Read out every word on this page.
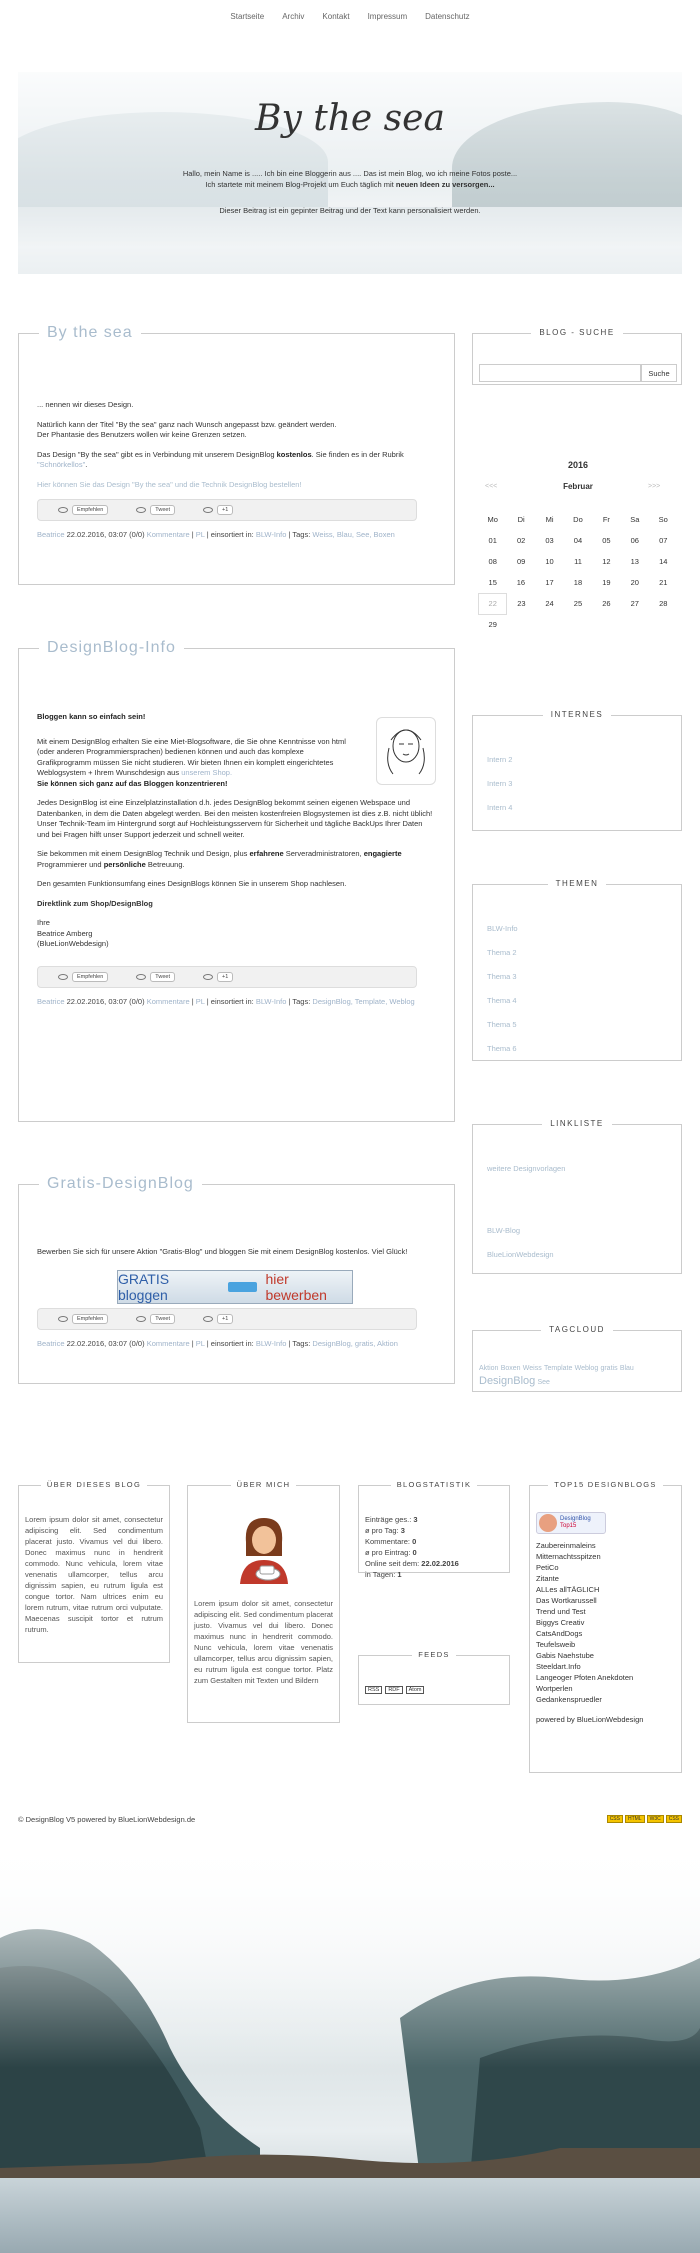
Startseite Archiv Kontakt Impressum Datenschutz
By the sea

Hallo, mein Name is ..... Ich bin eine Bloggerin aus .... Das ist mein Blog, wo ich meine Fotos poste...

Ich startete mit meinem Blog-Projekt um Euch täglich mit neuen Ideen zu versorgen...

Dieser Beitrag ist ein gepinter Beitrag und der Text kann personalisiert werden.

By the sea

... nennen wir dieses Design.

Natürlich kann der Titel "By the sea" ganz nach Wunsch angepasst bzw. geändert werden.

Der Phantasie des Benutzers wollen wir keine Grenzen setzen.

Das Design "By the sea" gibt es in Verbindung mit unserem DesignBlog kostenlos. Sie finden es in der Rubrik
"Schnörkellos".

Hier können Sie das Design "By the sea" und die Technik DesignBlog bestellen!

Empfehlen	Tweet	+1
Beatrice 22.02.2016, 03:07 (0/0) Kommentare | PL | einsortiert in: BLW-Info | Tags: Weiss, Blau, See, Boxen
DesignBlog-Info

Bloggen kann so einfach sein!

Mit einem DesignBlog erhalten Sie eine Miet-Blogsoftware, die Sie ohne Kenntnisse von html (oder anderen Programmiersprachen) bedienen können und auch das komplexe Grafikprogramm müssen Sie nicht studieren. Wir bieten Ihnen ein komplett eingerichtetes Weblogsystem + Ihrem Wunschdesign aus unserem Shop.
Sie können sich ganz auf das Bloggen konzentrieren!

Jedes DesignBlog ist eine Einzelplatzinstallation d.h. jedes DesignBlog bekommt seinen eigenen Webspace und Datenbanken, in dem die Daten abgelegt werden. Bei den meisten kostenfreien Blogsystemen ist dies z.B. nicht üblich!

Unser Technik-Team im Hintergrund sorgt auf Hochleistungsservern für Sicherheit und tägliche BackUps Ihrer Daten und bei Fragen hilft unser Support jederzeit und schnell weiter.

Sie bekommen mit einem DesignBlog Technik und Design, plus erfahrene Serveradministratoren, engagierte Programmierer und persönliche Betreuung.

Den gesamten Funktionsumfang eines DesignBlogs können Sie in unserem Shop nachlesen.

Direktlink zum Shop/DesignBlog

Ihre

Beatrice Amberg

(BlueLionWebdesign)

Empfehlen	Tweet	+1
Beatrice 22.02.2016, 03:07 (0/0) Kommentare | PL | einsortiert in: BLW-Info | Tags: DesignBlog, Template, Weblog
Gratis-DesignBlog

Bewerben Sie sich für unsere Aktion "Gratis-Blog" und bloggen Sie mit einem DesignBlog kostenlos. Viel Glück!

GRATIS bloggen
hier bewerben
Empfehlen	Tweet	+1
Beatrice 22.02.2016, 03:07 (0/0) Kommentare | PL | einsortiert in: BLW-Info | Tags: DesignBlog, gratis, Aktion
BLOG - SUCHE
Suche
2016
<<<	Februar	>>>
Mo	Di	Mi	Do	Fr	Sa	So
01	02	03	04	05	06	07
08	09	10	11	12	13	14
15	16	17	18	19	20	21
22	23	24	25	26	27	28
29						
INTERNES
Intern 2
Intern 3
Intern 4
THEMEN
BLW-Info
Thema 2
Thema 3
Thema 4
Thema 5
Thema 6
LINKLISTE
weitere Designvorlagen
BLW-Blog
BlueLionWebdesign
TAGCLOUD
Aktion Boxen Weiss Template Weblog gratis Blau
DesignBlog See
ÜBER DIESES BLOG
Lorem ipsum dolor sit amet, consectetur adipiscing elit. Sed condimentum placerat justo. Vivamus vel dui libero. Donec maximus nunc in hendrerit commodo. Nunc vehicula, lorem vitae venenatis ullamcorper, tellus arcu dignissim sapien, eu rutrum ligula est congue tortor. Nam ultrices enim eu lorem rutrum, vitae rutrum orci vulputate. Maecenas suscipit tortor et rutrum rutrum.
ÜBER MICH
Lorem ipsum dolor sit amet, consectetur adipiscing elit. Sed condimentum placerat justo. Vivamus vel dui libero. Donec maximus nunc in hendrerit commodo. Nunc vehicula, lorem vitae venenatis ullamcorper, tellus arcu dignissim sapien, eu rutrum ligula est congue tortor. Platz zum Gestalten mit Texten und Bildern
BLOGSTATISTIK
Einträge ges.: 3
ø pro Tag: 3
Kommentare: 0
ø pro Eintrag: 0
Online seit dem: 22.02.2016
in Tagen: 1
FEEDS
RSS	RDF	Atom
TOP15 DESIGNBLOGS
DesignBlog
Top15
Zaubereinmaleins
Mitternachtsspitzen
PetiCo
Zitante
ALLes allTÄGLICH
Das Wortkarussell
Trend und Test
Biggys Creativ
CatsAndDogs
Teufelsweib
Gabis Naehstube
Steeldart.Info
Langeoger Pfoten Anekdoten
Wortperlen
Gedankenspruedler
powered by BlueLionWebdesign
© DesignBlog V5 powered by BlueLionWebdesign.de	CSS	HTML	W3C	CSS
